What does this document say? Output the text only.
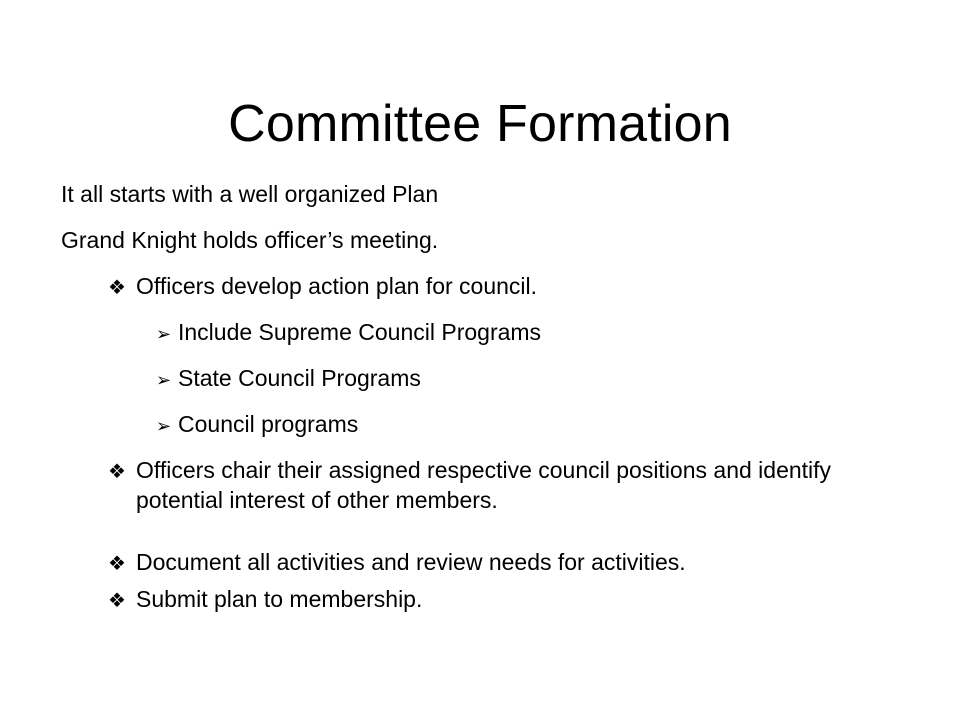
Committee Formation
It all starts with a well organized Plan
Grand Knight holds officer’s meeting.
❖ Officers develop action plan for council.
➢ Include Supreme Council Programs
➢ State Council Programs
➢ Council programs
❖ Officers chair their assigned respective council positions and identify potential interest of other members.
❖ Document all activities and review needs for activities.
❖ Submit plan to membership.
